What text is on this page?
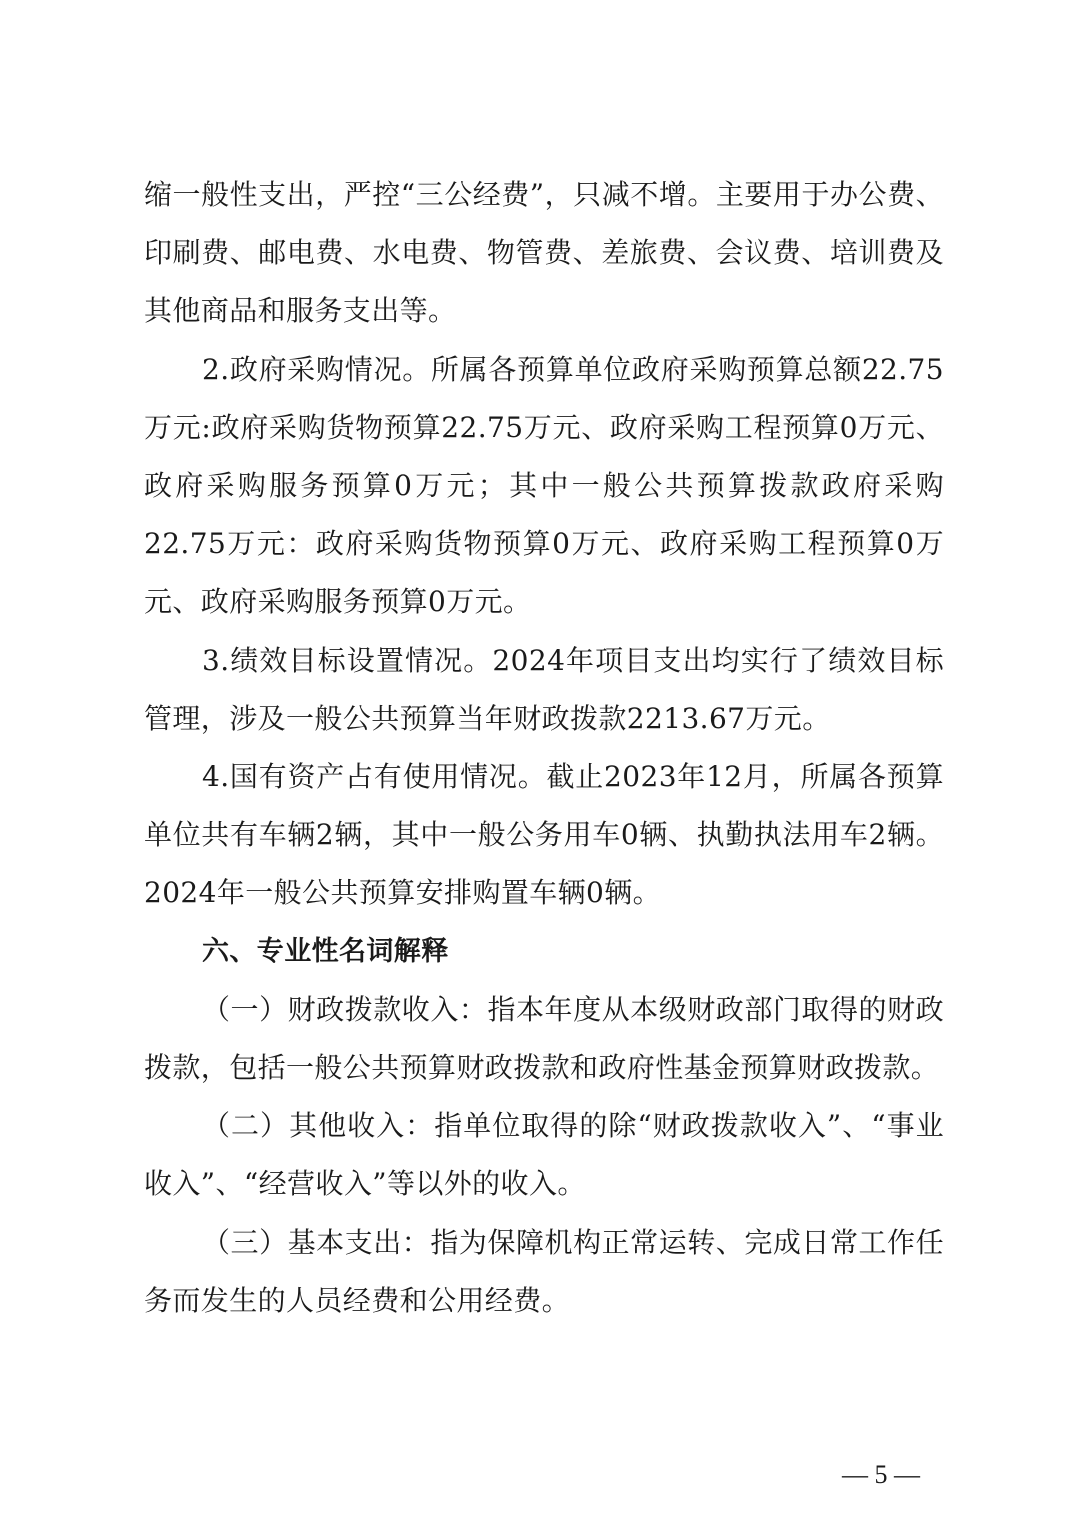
缩一般性支出，严控“三公经费”，只减不增。主要用于办公费、印刷费、邮电费、水电费、物管费、差旅费、会议费、培训费及其他商品和服务支出等。

2.政府采购情况。所属各预算单位政府采购预算总额22.75万元:政府采购货物预算22.75万元、政府采购工程预算0万元、政府采购服务预算0万元；其中一般公共预算拨款政府采购22.75万元：政府采购货物预算0万元、政府采购工程预算0万元、政府采购服务预算0万元。

3.绩效目标设置情况。2024年项目支出均实行了绩效目标管理，涉及一般公共预算当年财政拨款2213.67万元。

4.国有资产占有使用情况。截止2023年12月，所属各预算单位共有车辆2辆，其中一般公务用车0辆、执勤执法用车2辆。2024年一般公共预算安排购置车辆0辆。

六、专业性名词解释

（一）财政拨款收入：指本年度从本级财政部门取得的财政拨款，包括一般公共预算财政拨款和政府性基金预算财政拨款。

（二）其他收入：指单位取得的除“财政拨款收入”、“事业收入”、“经营收入”等以外的收入。

（三）基本支出：指为保障机构正常运转、完成日常工作任务而发生的人员经费和公用经费。

— 5 —
